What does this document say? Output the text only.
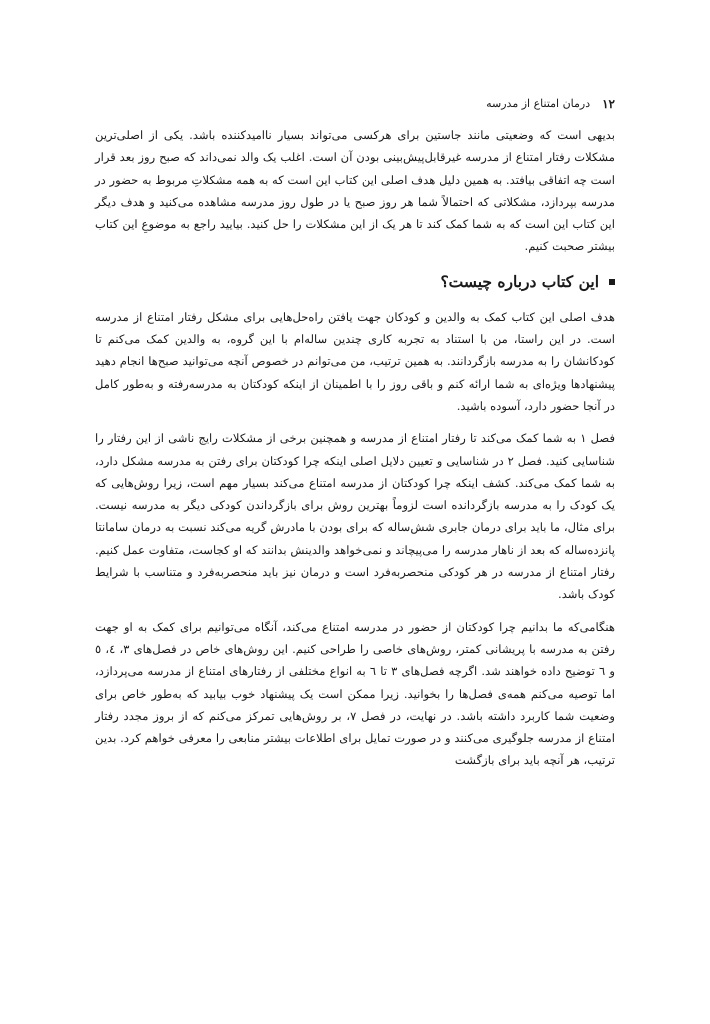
۱۲
درمان امتناع از مدرسه

بدیهی است که وضعیتی مانند جاستین برای هرکسی می‌تواند بسیار ناامیدکننده باشد. یکی از اصلی‌ترین مشکلات رفتار امتناع از مدرسه غیرقابل‌پیش‌بینی بودن آن است. اغلب یک والد نمی‌داند که صبح روز بعد قرار است چه اتفاقی بیافتد. به همین دلیل هدف اصلی این کتاب این است که به همه مشکلاتِ مربوط به حضور در مدرسه بپردازد، مشکلاتی که احتمالاً شما هر روز صبح یا در طول روز مدرسه مشاهده می‌کنید و هدف دیگر این کتاب این است که به شما کمک کند تا هر یک از این مشکلات را حل کنید. بیایید راجع به موضوعِ این کتاب بیشتر صحبت کنیم.

این کتاب درباره چیست؟

هدف اصلی این کتاب کمک به والدین و کودکان جهت یافتن راه‌حل‌هایی برای مشکل رفتار امتناع از مدرسه است. در این راستا، من با استناد به تجربه کاری چندین ساله‌ام با این گروه، به والدین کمک می‌کنم تا کودکانشان را به مدرسه بازگردانند. به همین ترتیب، من می‌توانم در خصوص آنچه می‌توانید صبح‌ها انجام دهید پیشنهادها ویژه‌ای به شما ارائه کنم و باقی روز را با اطمینان از اینکه کودکتان به مدرسه‌رفته و به‌طور کامل در آنجا حضور دارد، آسوده باشید.

فصل ۱ به شما کمک می‌کند تا رفتار امتناع از مدرسه و همچنین برخی از مشکلات رایج ناشی از این رفتار را شناسایی کنید. فصل ۲ در شناسایی و تعیین دلایل اصلی اینکه چرا کودکتان برای رفتن به مدرسه مشکل دارد، به شما کمک می‌کند. کشف اینکه چرا کودکتان از مدرسه امتناع می‌کند بسیار مهم است، زیرا روش‌هایی که یک کودک را به مدرسه بازگردانده است لزوماً بهترین روش برای بازگرداندن کودکی دیگر به مدرسه نیست. برای مثال، ما باید برای درمان جابری شش‌ساله که برای بودن با مادرش گریه می‌کند نسبت به درمان سامانتا پانزده‌ساله که بعد از ناهار مدرسه را می‌پیچاند و نمی‌خواهد والدینش بدانند که او کجاست، متفاوت عمل کنیم. رفتار امتناع از مدرسه در هر کودکی منحصربه‌فرد است و درمان نیز باید منحصربه‌فرد و متناسب با شرایط کودک باشد.

هنگامی‌که ما بدانیم چرا کودکتان از حضور در مدرسه امتناع می‌کند، آنگاه می‌توانیم برای کمک به او جهت رفتن به مدرسه با پریشانی کمتر، روش‌های خاصی را طراحی کنیم. این روش‌های خاص در فصل‌های ۳، ٤، ٥ و ٦ توضیح داده خواهند شد. اگرچه فصل‌های ۳ تا ٦ به انواع مختلفی از رفتارهای امتناع از مدرسه می‌پردازد، اما توصیه می‌کنم همه‌ی فصل‌ها را بخوانید. زیرا ممکن است یک پیشنهاد خوب بیابید که به‌طور خاص برای وضعیت شما کاربرد داشته باشد. در نهایت، در فصل ۷، بر روش‌هایی تمرکز می‌کنم که از بروز مجدد رفتار امتناع از مدرسه جلوگیری می‌کنند و در صورت تمایل برای اطلاعات بیشتر منابعی را معرفی خواهم کرد. بدین ترتیب، هر آنچه باید برای بازگشت
